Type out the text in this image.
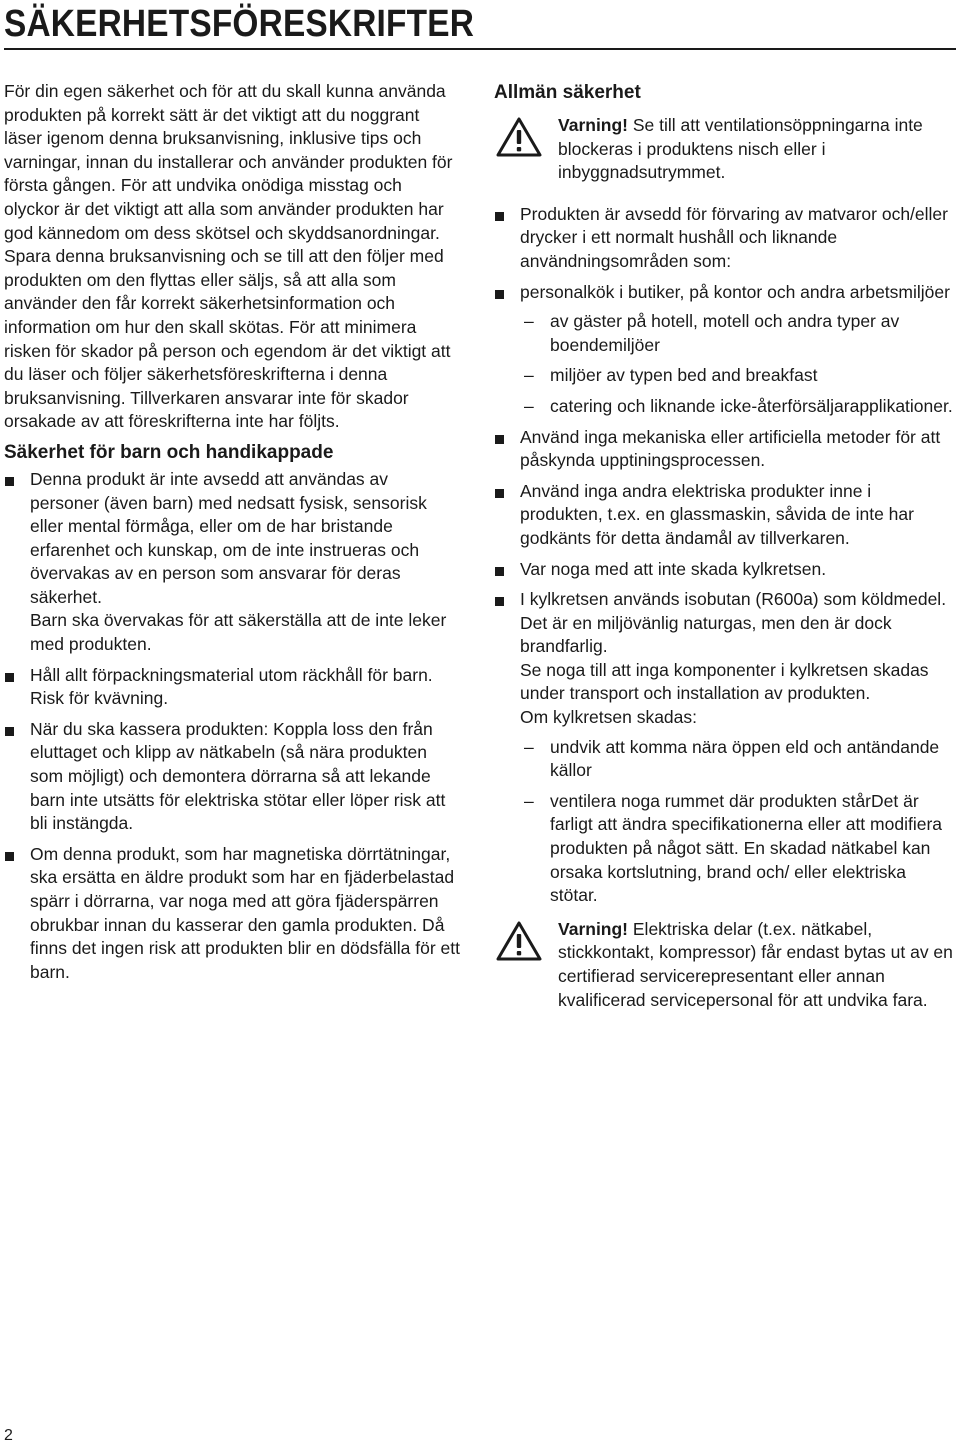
SÄKERHETSFÖRESKRIFTER

För din egen säkerhet och för att du skall kunna använda produkten på korrekt sätt är det viktigt att du noggrant läser igenom denna bruksanvisning, inklusive tips och varningar, innan du installerar och använder produkten för första gången. För att undvika onödiga misstag och olyckor är det viktigt att alla som använder produkten har god kännedom om dess skötsel och skyddsanordningar. Spara denna bruksanvisning och se till att den följer med produkten om den flyttas eller säljs, så att alla som använder den får korrekt säkerhetsinformation och information om hur den skall skötas. För att minimera risken för skador på person och egendom är det viktigt att du läser och följer säkerhetsföreskrifterna i denna bruksanvisning. Tillverkaren ansvarar inte för skador orsakade av att föreskrifterna inte har följts.

Säkerhet för barn och handikappade

Denna produkt är inte avsedd att användas av personer (även barn) med nedsatt fysisk, sensorisk eller mental förmåga, eller om de har bristande erfarenhet och kunskap, om de inte instrueras och övervakas av en person som ansvarar för deras säkerhet.

Barn ska övervakas för att säkerställa att de inte leker med produkten.

Håll allt förpackningsmaterial utom räckhåll för barn. Risk för kvävning.

När du ska kassera produkten: Koppla loss den från eluttaget och klipp av nätkabeln (så nära produkten som möjligt) och demontera dörrarna så att lekande barn inte utsätts för elektriska stötar eller löper risk att bli instängda.

Om denna produkt, som har magnetiska dörrtätningar, ska ersätta en äldre produkt som har en fjäderbelastad spärr i dörrarna, var noga med att göra fjäderspärren obrukbar innan du kasserar den gamla produkten. Då finns det ingen risk att produkten blir en dödsfälla för ett barn.

Allmän säkerhet

Varning! Se till att ventilationsöppningarna inte blockeras i produktens nisch eller i inbyggnadsutrymmet.

Produkten är avsedd för förvaring av matvaror och/eller drycker i ett normalt hushåll och liknande användningsområden som:

personalkök i butiker, på kontor och andra arbetsmiljöer

– av gäster på hotell, motell och andra typer av boendemiljöer
– miljöer av typen bed and breakfast
– catering och liknande icke-återförsäljarapplikationer.

Använd inga mekaniska eller artificiella metoder för att påskynda upptiningsprocessen.

Använd inga andra elektriska produkter inne i produkten, t.ex. en glassmaskin, såvida de inte har godkänts för detta ändamål av tillverkaren.

Var noga med att inte skada kylkretsen.

I kylkretsen används isobutan (R600a) som köldmedel. Det är en miljövänlig naturgas, men den är dock brandfarlig.

Se noga till att inga komponenter i kylkretsen skadas under transport och installation av produkten.

Om kylkretsen skadas:

– undvik att komma nära öppen eld och antändande källor
– ventilera noga rummet där produkten stårDet är farligt att ändra specifikationerna eller att modifiera produkten på något sätt. En skadad nätkabel kan orsaka kortslutning, brand och/ eller elektriska stötar.

Varning! Elektriska delar (t.ex. nätkabel, stickkontakt, kompressor) får endast bytas ut av en certifierad servicerepresentant eller annan kvalificerad servicepersonal för att undvika fara.

2
